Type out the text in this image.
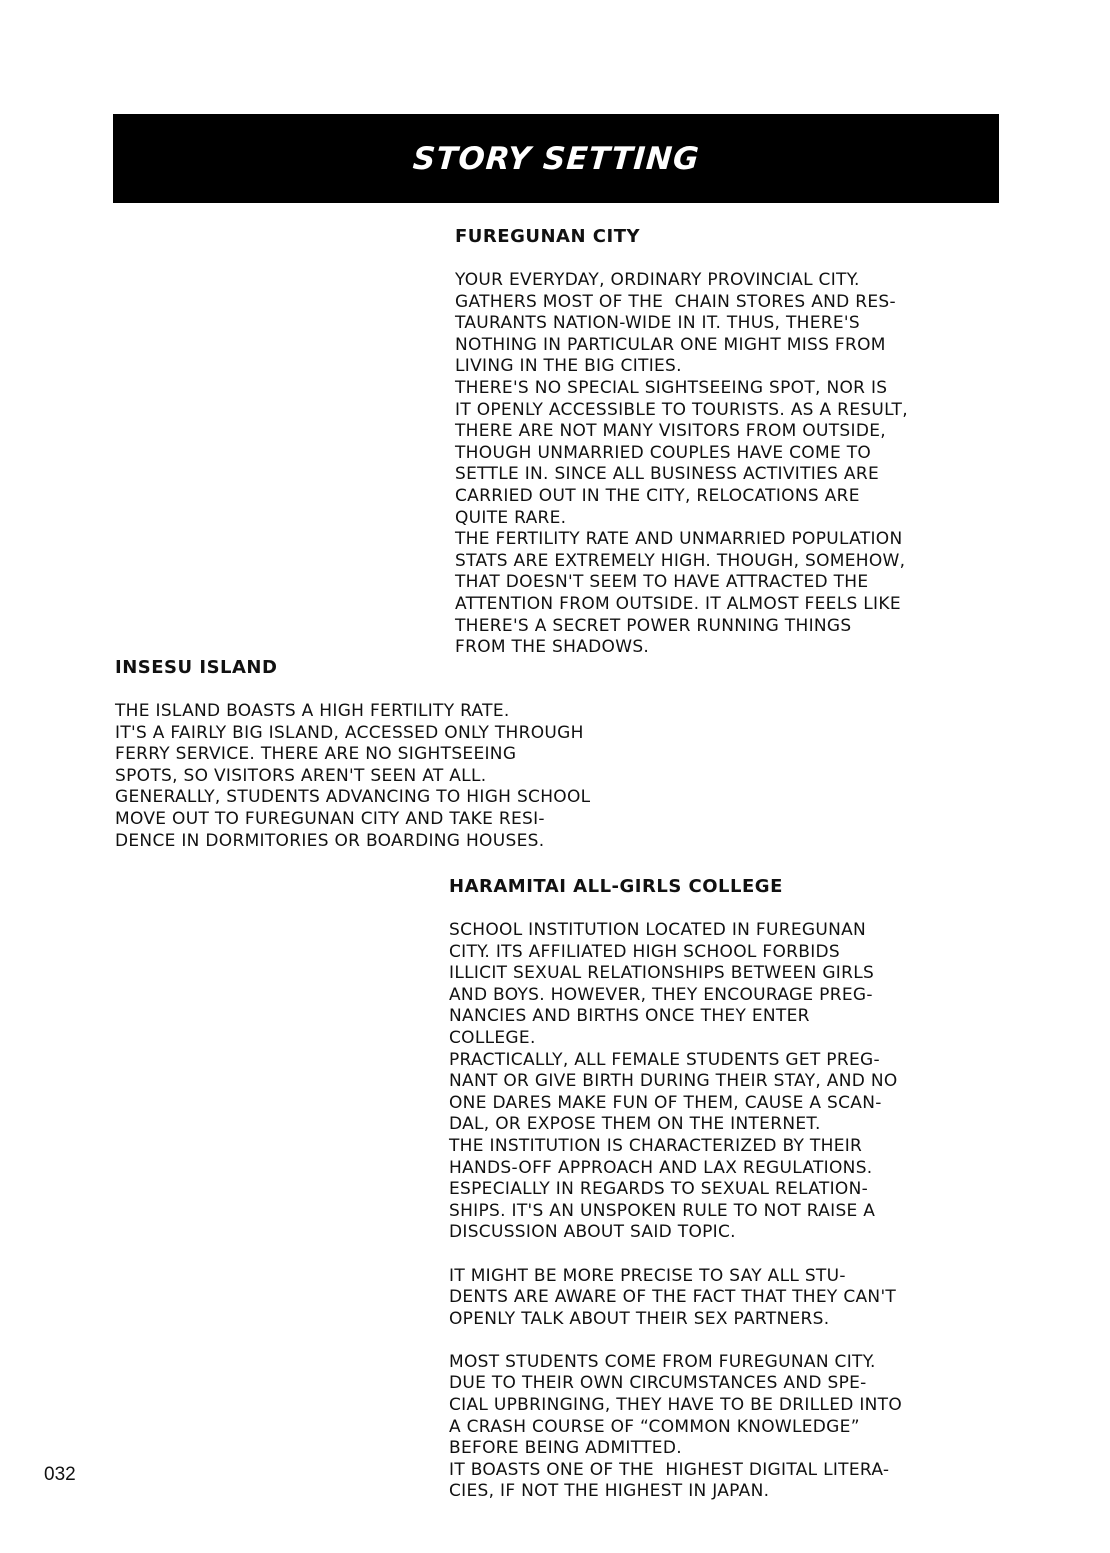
STORY SETTING
FUREGUNAN CITY

YOUR EVERYDAY, ORDINARY PROVINCIAL CITY.

GATHERS MOST OF THE  CHAIN STORES AND RES-

TAURANTS NATION-WIDE IN IT. THUS, THERE'S

NOTHING IN PARTICULAR ONE MIGHT MISS FROM

LIVING IN THE BIG CITIES.

THERE'S NO SPECIAL SIGHTSEEING SPOT, NOR IS

IT OPENLY ACCESSIBLE TO TOURISTS. AS A RESULT,

THERE ARE NOT MANY VISITORS FROM OUTSIDE,

THOUGH UNMARRIED COUPLES HAVE COME TO

SETTLE IN. SINCE ALL BUSINESS ACTIVITIES ARE

CARRIED OUT IN THE CITY, RELOCATIONS ARE

QUITE RARE.

THE FERTILITY RATE AND UNMARRIED POPULATION

STATS ARE EXTREMELY HIGH. THOUGH, SOMEHOW,

THAT DOESN'T SEEM TO HAVE ATTRACTED THE

ATTENTION FROM OUTSIDE. IT ALMOST FEELS LIKE

THERE'S A SECRET POWER RUNNING THINGS

FROM THE SHADOWS.

INSESU ISLAND

THE ISLAND BOASTS A HIGH FERTILITY RATE.

IT'S A FAIRLY BIG ISLAND, ACCESSED ONLY THROUGH

FERRY SERVICE. THERE ARE NO SIGHTSEEING

SPOTS, SO VISITORS AREN'T SEEN AT ALL.

GENERALLY, STUDENTS ADVANCING TO HIGH SCHOOL

MOVE OUT TO FUREGUNAN CITY AND TAKE RESI-

DENCE IN DORMITORIES OR BOARDING HOUSES.

HARAMITAI ALL-GIRLS COLLEGE

SCHOOL INSTITUTION LOCATED IN FUREGUNAN

CITY. ITS AFFILIATED HIGH SCHOOL FORBIDS

ILLICIT SEXUAL RELATIONSHIPS BETWEEN GIRLS

AND BOYS. HOWEVER, THEY ENCOURAGE PREG-

NANCIES AND BIRTHS ONCE THEY ENTER

COLLEGE.

PRACTICALLY, ALL FEMALE STUDENTS GET PREG-

NANT OR GIVE BIRTH DURING THEIR STAY, AND NO

ONE DARES MAKE FUN OF THEM, CAUSE A SCAN-

DAL, OR EXPOSE THEM ON THE INTERNET.

THE INSTITUTION IS CHARACTERIZED BY THEIR

HANDS-OFF APPROACH AND LAX REGULATIONS.

ESPECIALLY IN REGARDS TO SEXUAL RELATION-

SHIPS. IT'S AN UNSPOKEN RULE TO NOT RAISE A

DISCUSSION ABOUT SAID TOPIC.

IT MIGHT BE MORE PRECISE TO SAY ALL STU-

DENTS ARE AWARE OF THE FACT THAT THEY CAN'T

OPENLY TALK ABOUT THEIR SEX PARTNERS.

MOST STUDENTS COME FROM FUREGUNAN CITY.

DUE TO THEIR OWN CIRCUMSTANCES AND SPE-

CIAL UPBRINGING, THEY HAVE TO BE DRILLED INTO

A CRASH COURSE OF “COMMON KNOWLEDGE”

BEFORE BEING ADMITTED.

IT BOASTS ONE OF THE  HIGHEST DIGITAL LITERA-

CIES, IF NOT THE HIGHEST IN JAPAN.

032
